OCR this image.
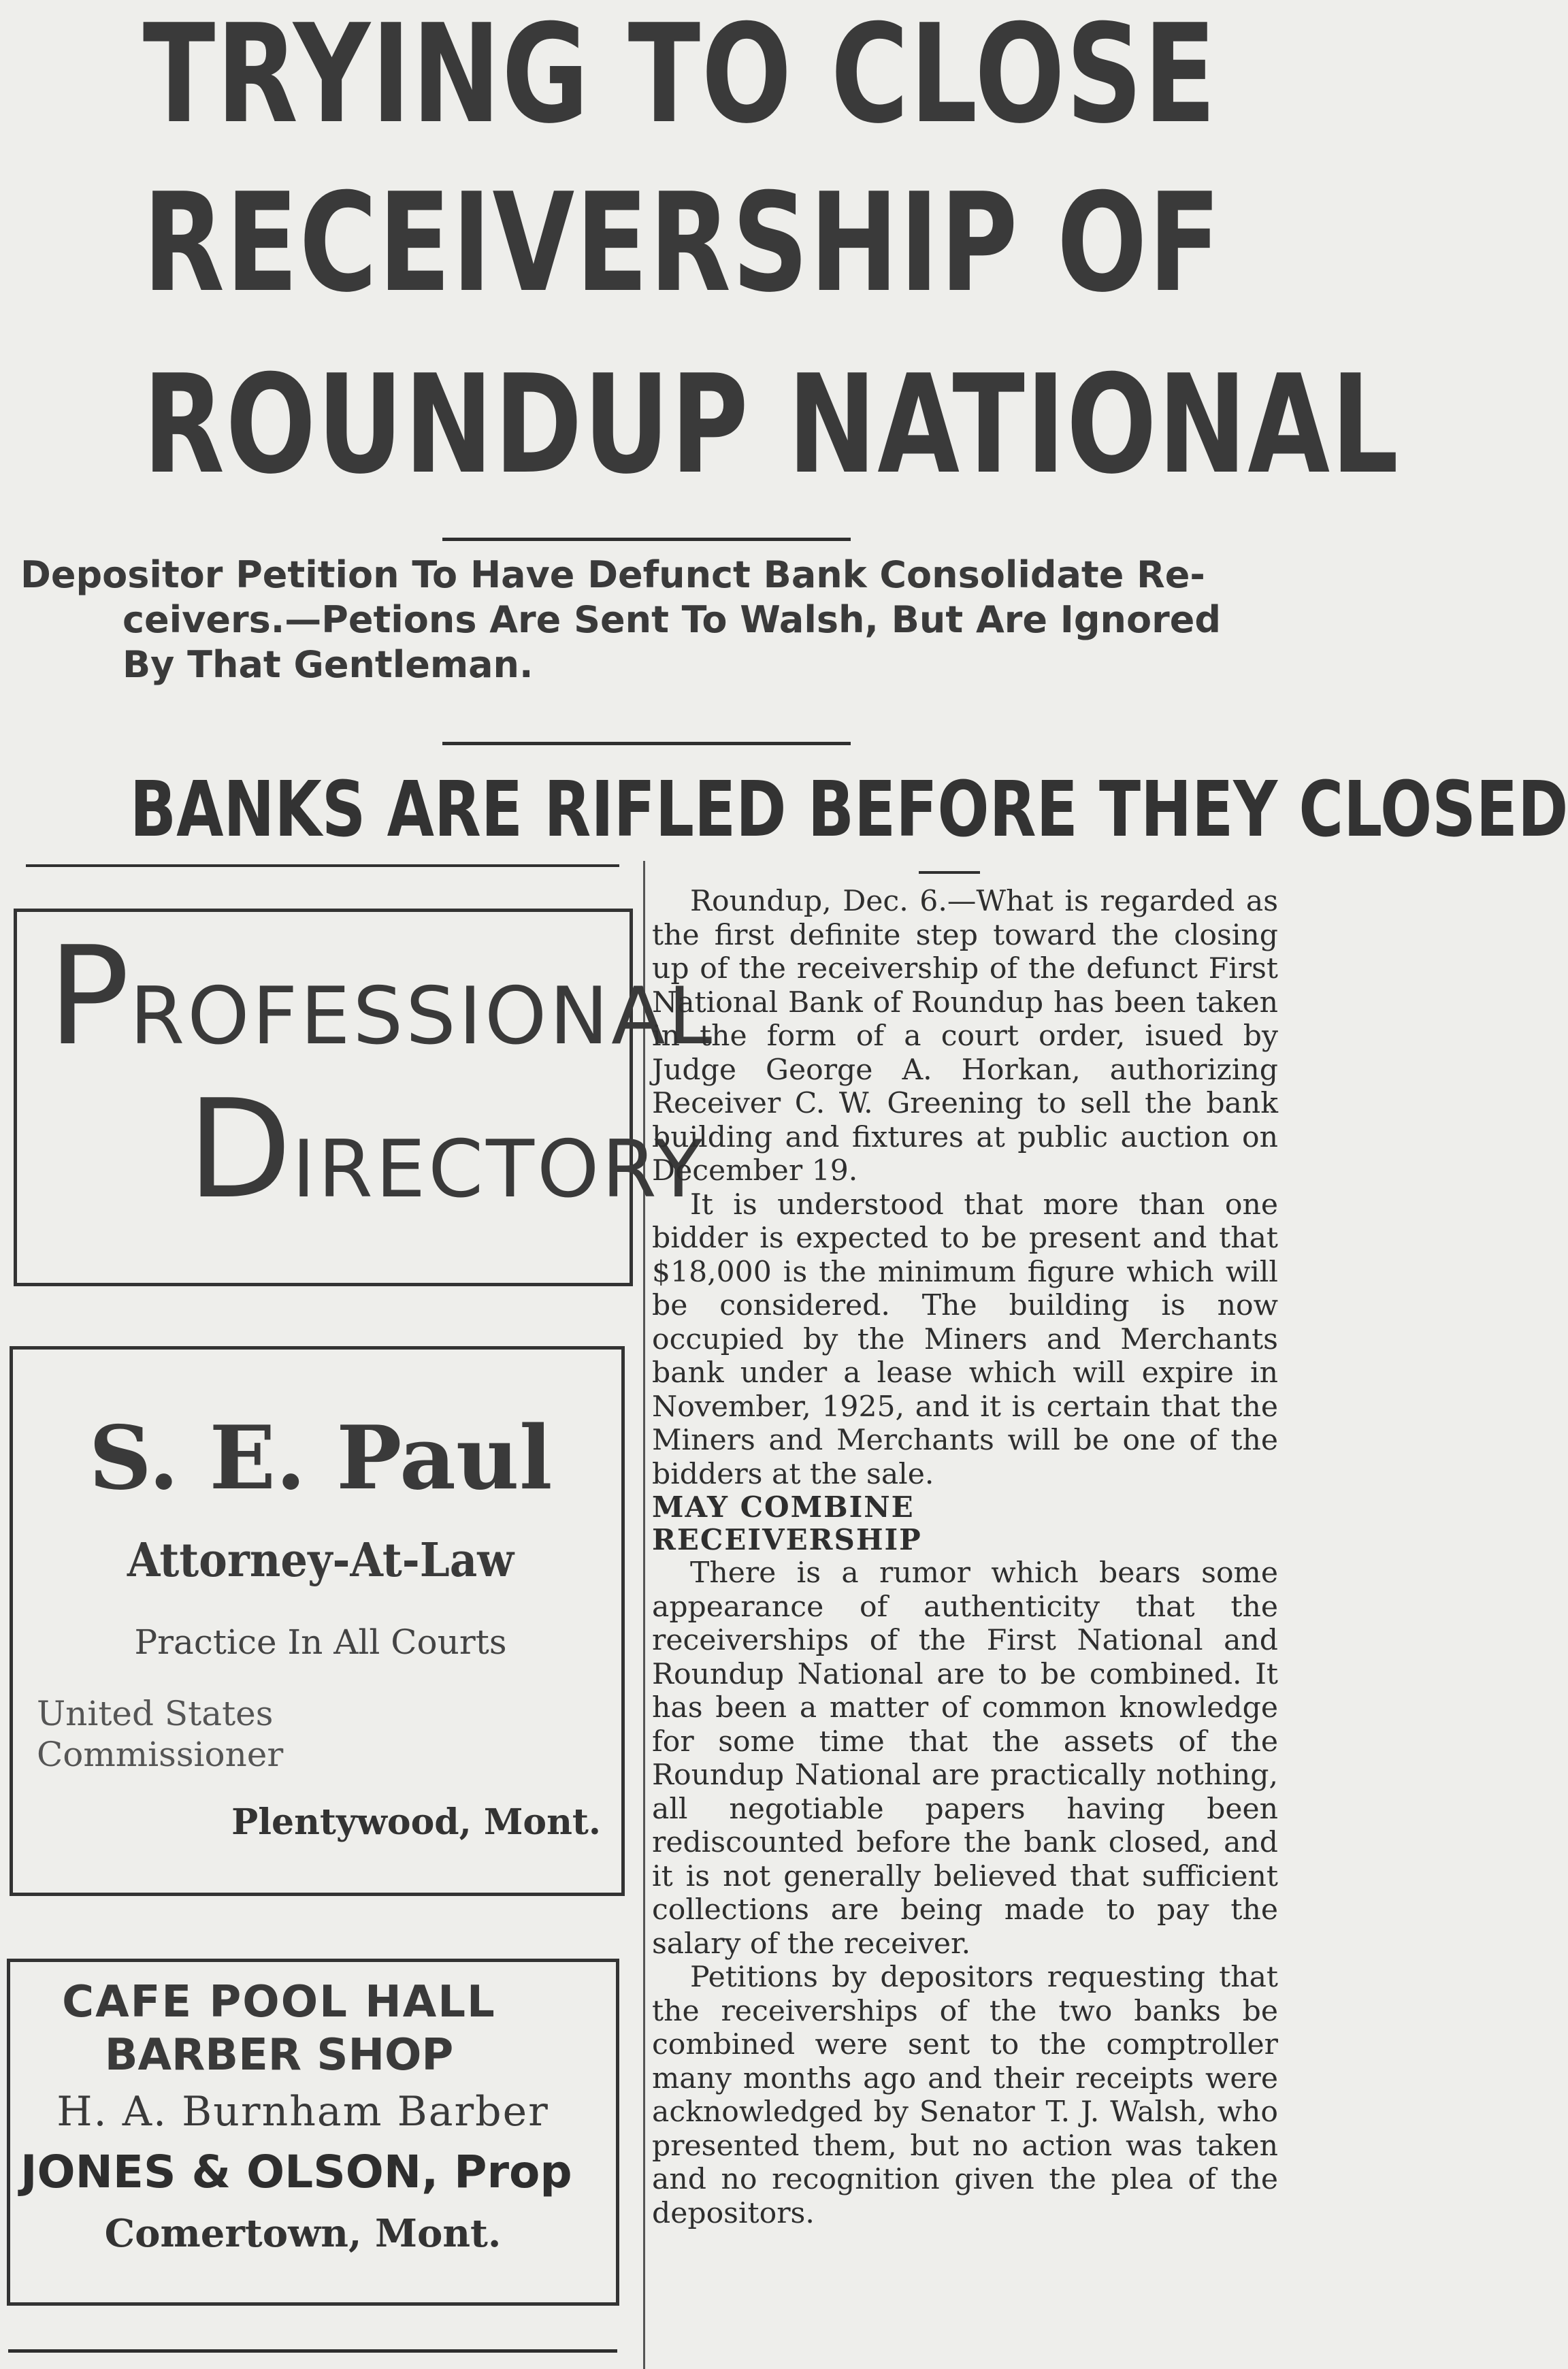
TRYING TO CLOSE
RECEIVERSHIP OF
ROUNDUP NATIONAL
Depositor Petition To Have Defunct Bank Consolidate Re-
ceivers.—Petions Are Sent To Walsh, But Are Ignored
By That Gentleman.
BANKS ARE RIFLED BEFORE THEY CLOSED
PROFESSIONAL
DIRECTORY
S. E. Paul
Attorney-At-Law
Practice In All Courts
United States
Commissioner
Plentywood, Mont.
CAFE POOL HALL
BARBER SHOP
H. A. Burnham Barber
JONES & OLSON, Prop
Comertown, Mont.

Roundup, Dec. 6.—What is regarded as the first definite step toward the closing up of the receivership of the defunct First National Bank of Roundup has been taken in the form of a court order, isued by Judge George A. Horkan, authorizing Receiver C. W. Greening to sell the bank building and fixtures at public auction on December 19.

It is understood that more than one bidder is expected to be present and that $18,000 is the minimum figure which will be considered. The building is now occupied by the Miners and Merchants bank under a lease which will expire in November, 1925, and it is certain that the Miners and Merchants will be one of the bidders at the sale.

MAY COMBINE

RECEIVERSHIP

There is a rumor which bears some appearance of authenticity that the receiverships of the First National and Roundup National are to be combined. It has been a matter of common knowledge for some time that the assets of the Roundup National are practically nothing, all negotiable papers having been rediscounted before the bank closed, and it is not generally believed that sufficient collections are being made to pay the salary of the receiver.

Petitions by depositors requesting that the receiverships of the two banks be combined were sent to the comptroller many months ago and their receipts were acknowledged by Senator T. J. Walsh, who presented them, but no action was taken and no recognition given the plea of the depositors.
